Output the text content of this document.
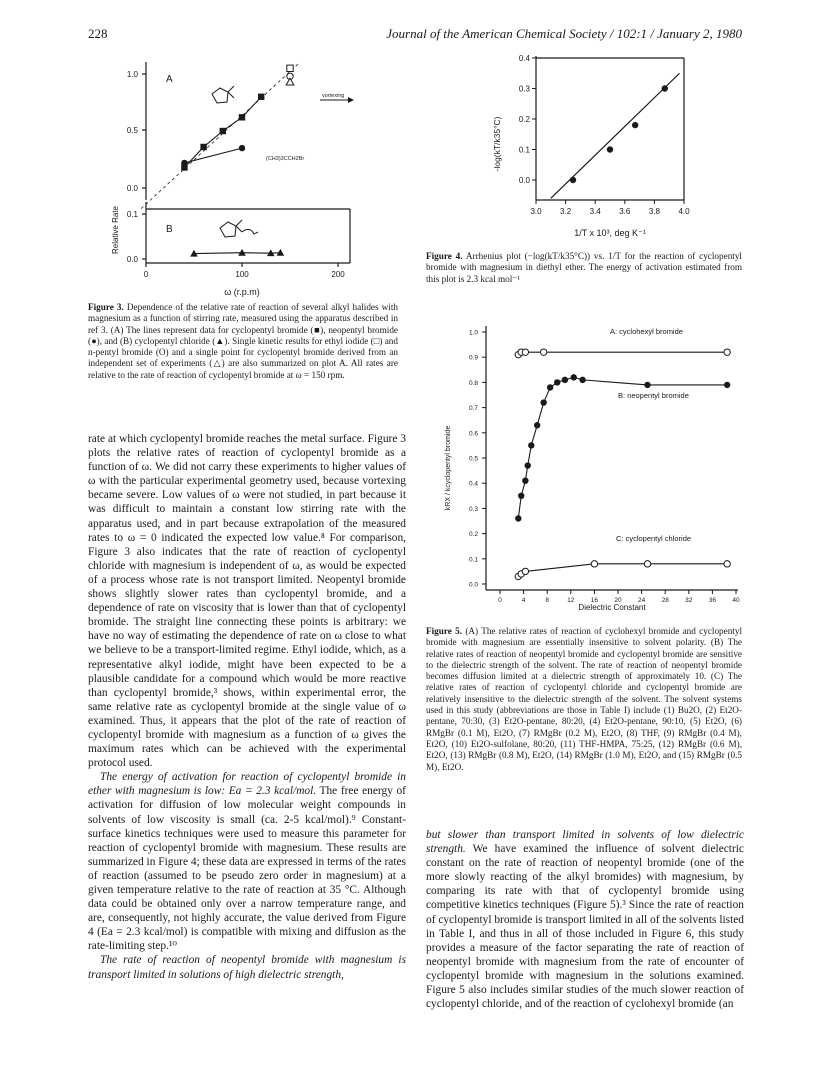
228	Journal of the American Chemical Society / 102:1 / January 2, 1980
1.0
0.5
0.0
0.1
0.0
0	100	200
A
B
Relative Rate
ω (r.p.m)
vortexing
(CH3)3CCH2Br
Figure 3. Dependence of the relative rate of reaction of several alkyl halides with magnesium as a function of stirring rate, measured using the apparatus described in ref 3. (A) The lines represent data for cyclopentyl bromide (■), neopentyl bromide (●), and (B) cyclopentyl chloride (▲). Single kinetic results for ethyl iodide (□) and n-pentyl bromide (O) and a single point for cyclopentyl bromide derived from an independent set of experiments (△) are also summarized on plot A. All rates are relative to the rate of reaction of cyclopentyl bromide at ω = 150 rpm.
-log(kT/k35°C)
1/T x 10³, deg K⁻¹
0.4
0.3
0.2
0.1
0.0
3.0 3.2 3.4 3.6 3.8 4.0
Figure 4. Arrhenius plot (−log(kT/k35°C)) vs. 1/T for the reaction of cyclopentyl bromide with magnesium in diethyl ether. The energy of activation estimated from this plot is 2.3 kcal mol⁻¹
1.0
0.9
0.8
0.7
0.6
0.5
0.4
0.3
0.2
0.1
0.0
0	4	8	12	16	20	24	28	32	36	40
kRX / kcyclopentyl bromide
Dielectric Constant
A: cyclohexyl bromide
B: neopentyl bromide
C: cyclopentyl chloride
Figure 5. (A) The relative rates of reaction of cyclohexyl bromide and cyclopentyl bromide with magnesium are essentially insensitive to solvent polarity. (B) The relative rates of reaction of neopentyl bromide and cyclopentyl bromide are sensitive to the dielectric strength of the solvent. The rate of reaction of neopentyl bromide becomes diffusion limited at a dielectric strength of approximately 10. (C) The relative rates of reaction of cyclopentyl chloride and cyclopentyl bromide are relatively insensitive to the dielectric strength of the solvent. The solvent systems used in this study (abbreviations are those in Table I) include (1) Bu2O, (2) Et2O-pentane, 70:30, (3) Et2O-pentane, 80:20, (4) Et2O-pentane, 90:10, (5) Et2O, (6) RMgBr (0.1 M), Et2O, (7) RMgBr (0.2 M), Et2O, (8) THF, (9) RMgBr (0.4 M), Et2O, (10) Et2O-sulfolane, 80:20, (11) THF-HMPA, 75:25, (12) RMgBr (0.6 M), Et2O, (13) RMgBr (0.8 M), Et2O, (14) RMgBr (1.0 M), Et2O, and (15) RMgBr (0.5 M), Et2O.

rate at which cyclopentyl bromide reaches the metal surface. Figure 3 plots the relative rates of reaction of cyclopentyl bromide as a function of ω. We did not carry these experiments to higher values of ω with the particular experimental geometry used, because vortexing became severe. Low values of ω were not studied, in part because it was difficult to maintain a constant low stirring rate with the apparatus used, and in part because extrapolation of the measured rates to ω = 0 indicated the expected low value.⁸ For comparison, Figure 3 also indicates that the rate of reaction of cyclopentyl chloride with magnesium is independent of ω, as would be expected of a process whose rate is not transport limited. Neopentyl bromide shows slightly slower rates than cyclopentyl bromide, and a dependence of rate on viscosity that is lower than that of cyclopentyl bromide. The straight line connecting these points is arbitrary: we have no way of estimating the dependence of rate on ω close to what we believe to be a transport-limited regime. Ethyl iodide, which, as a representative alkyl iodide, might have been expected to be a plausible candidate for a compound which would be more reactive than cyclopentyl bromide,³ shows, within experimental error, the same relative rate as cyclopentyl bromide at the single value of ω examined. Thus, it appears that the plot of the rate of reaction of cyclopentyl bromide with magnesium as a function of ω gives the maximum rates which can be achieved with the experimental protocol used.

The energy of activation for reaction of cyclopentyl bromide in ether with magnesium is low: Ea = 2.3 kcal/mol. The free energy of activation for diffusion of low molecular weight compounds in solvents of low viscosity is small (ca. 2-5 kcal/mol).⁹ Constant-surface kinetics techniques were used to measure this parameter for reaction of cyclopentyl bromide with magnesium. These results are summarized in Figure 4; these data are expressed in terms of the rates of reaction (assumed to be pseudo zero order in magnesium) at a given temperature relative to the rate of reaction at 35 °C. Although data could be obtained only over a narrow temperature range, and are, consequently, not highly accurate, the value derived from Figure 4 (Ea = 2.3 kcal/mol) is compatible with mixing and diffusion as the rate-limiting step.¹⁰

The rate of reaction of neopentyl bromide with magnesium is transport limited in solutions of high dielectric strength,

but slower than transport limited in solvents of low dielectric strength. We have examined the influence of solvent dielectric constant on the rate of reaction of neopentyl bromide (one of the more slowly reacting of the alkyl bromides) with magnesium, by comparing its rate with that of cyclopentyl bromide using competitive kinetics techniques (Figure 5).³ Since the rate of reaction of cyclopentyl bromide is transport limited in all of the solvents listed in Table I, and thus in all of those included in Figure 6, this study provides a measure of the factor separating the rate of reaction of neopentyl bromide with magnesium from the rate of encounter of cyclopentyl bromide with magnesium in the solutions examined. Figure 5 also includes similar studies of the much slower reaction of cyclopentyl chloride, and of the reaction of cyclohexyl bromide (an
